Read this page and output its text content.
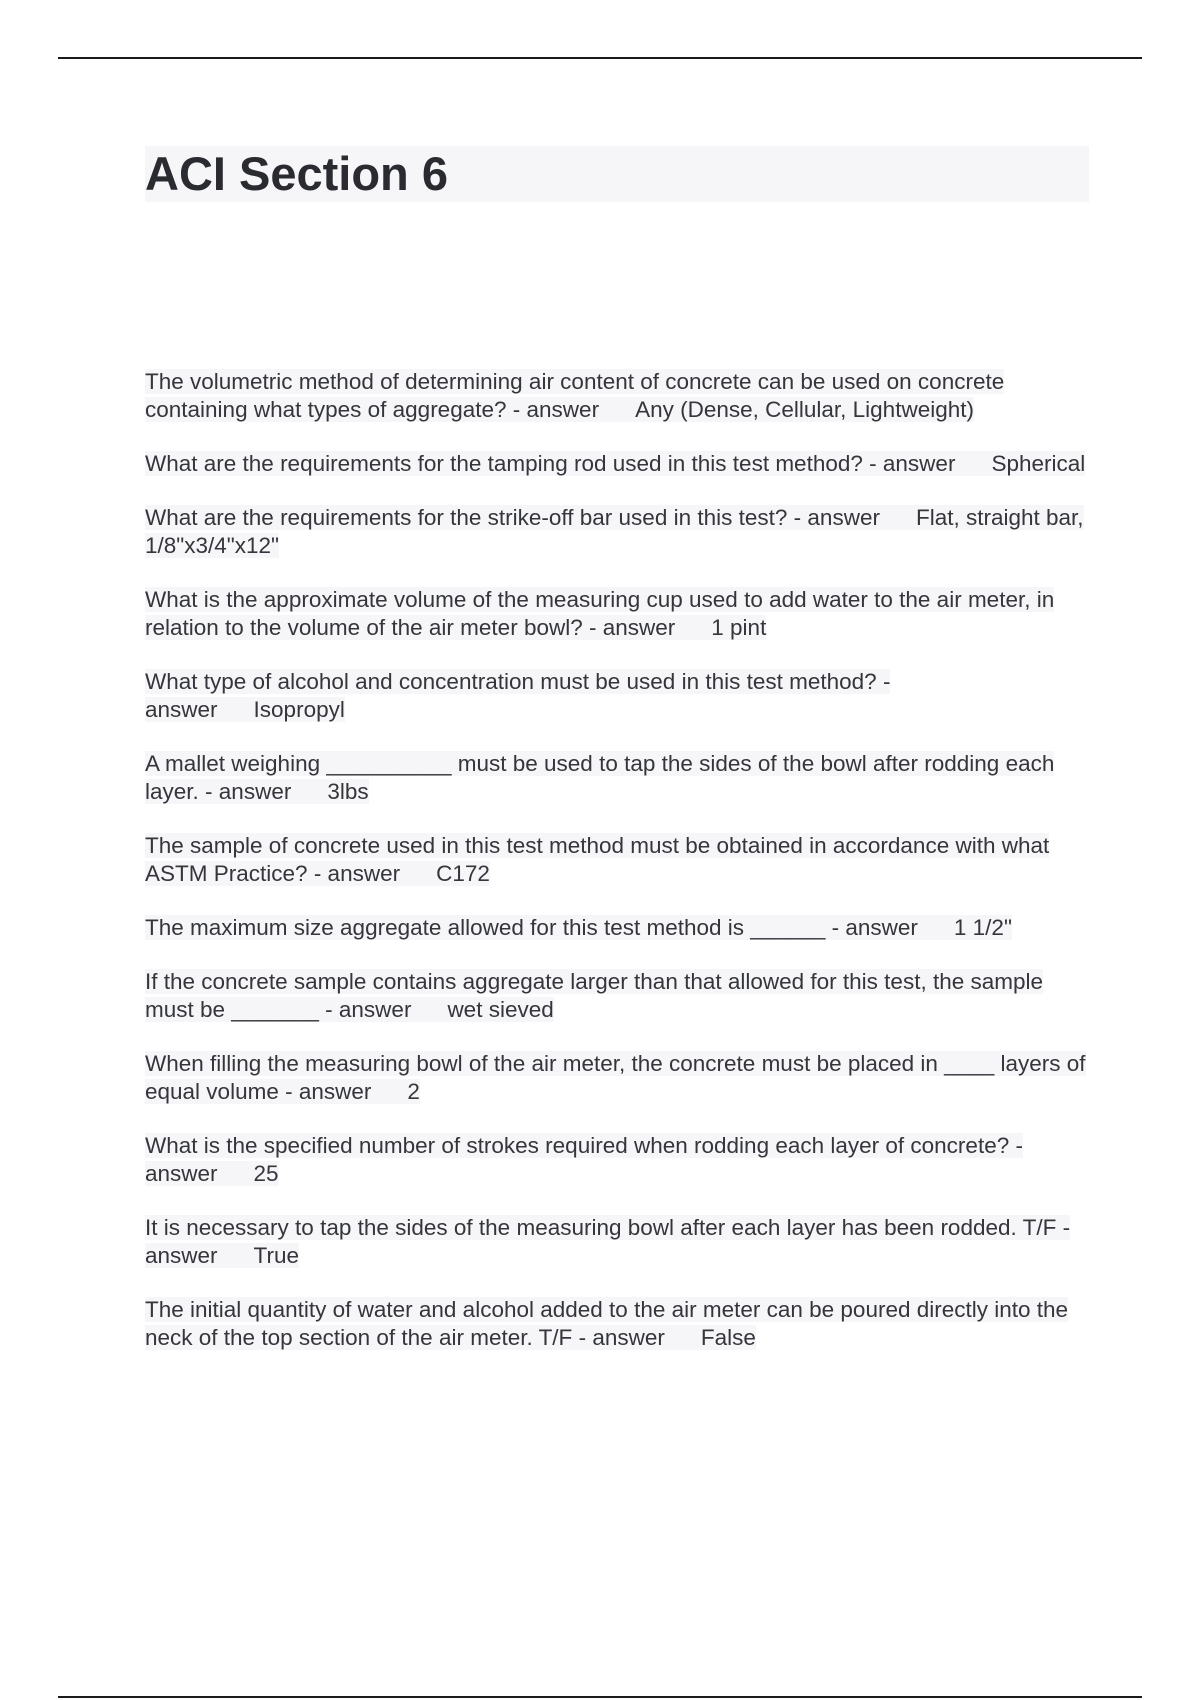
ACI Section 6

The volumetric method of determining air content of concrete can be used on concrete containing what types of aggregate? - answer Any (Dense, Cellular, Lightweight)

What are the requirements for the tamping rod used in this test method? - answer Spherical

What are the requirements for the strike-off bar used in this test? - answer Flat, straight bar, 1/8"x3/4"x12"

What is the approximate volume of the measuring cup used to add water to the air meter, in relation to the volume of the air meter bowl? - answer 1 pint

What type of alcohol and concentration must be used in this test method? - answer Isopropyl

A mallet weighing __________ must be used to tap the sides of the bowl after rodding each layer. - answer 3lbs

The sample of concrete used in this test method must be obtained in accordance with what ASTM Practice? - answer C172

The maximum size aggregate allowed for this test method is ______ - answer 1 1/2"

If the concrete sample contains aggregate larger than that allowed for this test, the sample must be _______ - answer wet sieved

When filling the measuring bowl of the air meter, the concrete must be placed in ____ layers of equal volume - answer 2

What is the specified number of strokes required when rodding each layer of concrete? - answer 25

It is necessary to tap the sides of the measuring bowl after each layer has been rodded. T/F - answer True

The initial quantity of water and alcohol added to the air meter can be poured directly into the neck of the top section of the air meter. T/F - answer False
